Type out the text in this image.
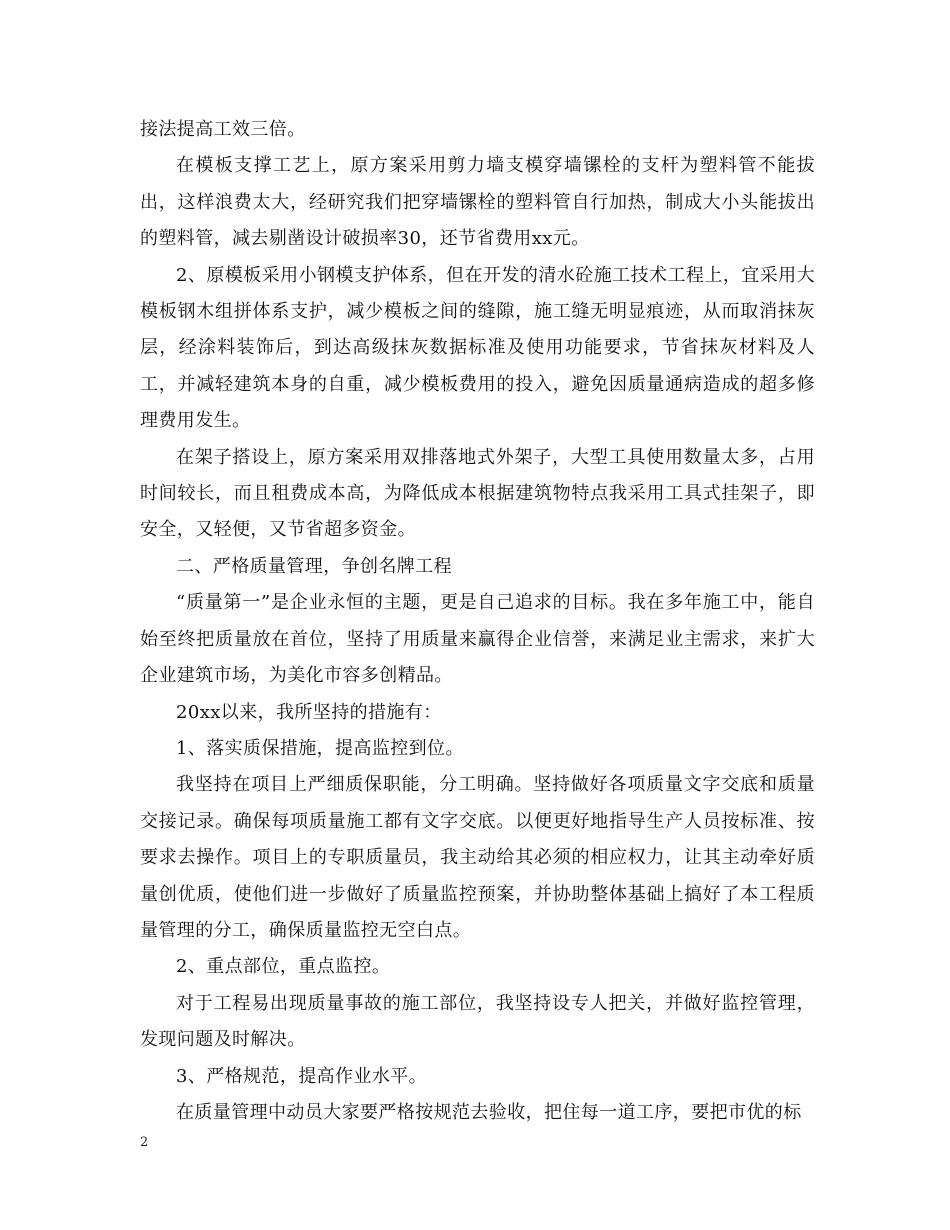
接法提高工效三倍。

在模板支撑工艺上，原方案采用剪力墙支模穿墙镙栓的支杆为塑料管不能拔出，这样浪费太大，经研究我们把穿墙镙栓的塑料管自行加热，制成大小头能拔出的塑料管，减去剔凿设计破损率30，还节省费用xx元。

2、原模板采用小钢模支护体系，但在开发的清水砼施工技术工程上，宜采用大模板钢木组拼体系支护，减少模板之间的缝隙，施工缝无明显痕迹，从而取消抹灰层，经涂料装饰后，到达高级抹灰数据标准及使用功能要求，节省抹灰材料及人工，并减轻建筑本身的自重，减少模板费用的投入，避免因质量通病造成的超多修理费用发生。

在架子搭设上，原方案采用双排落地式外架子，大型工具使用数量太多，占用时间较长，而且租费成本高，为降低成本根据建筑物特点我采用工具式挂架子，即安全，又轻便，又节省超多资金。

二、严格质量管理，争创名牌工程

“质量第一”是企业永恒的主题，更是自己追求的目标。我在多年施工中，能自始至终把质量放在首位，坚持了用质量来赢得企业信誉，来满足业主需求，来扩大企业建筑市场，为美化市容多创精品。

20xx以来，我所坚持的措施有：

1、落实质保措施，提高监控到位。

我坚持在项目上严细质保职能，分工明确。坚持做好各项质量文字交底和质量交接记录。确保每项质量施工都有文字交底。以便更好地指导生产人员按标准、按要求去操作。项目上的专职质量员，我主动给其必须的相应权力，让其主动牵好质量创优质，使他们进一步做好了质量监控预案，并协助整体基础上搞好了本工程质量管理的分工，确保质量监控无空白点。

2、重点部位，重点监控。

对于工程易出现质量事故的施工部位，我坚持设专人把关，并做好监控管理，发现问题及时解决。

3、严格规范，提高作业水平。

在质量管理中动员大家要严格按规范去验收，把住每一道工序，要把市优的标

2
